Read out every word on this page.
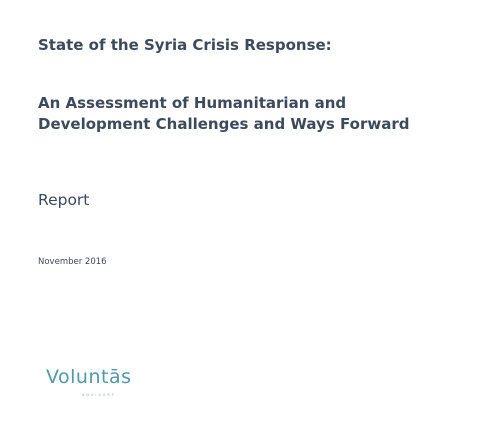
State of the Syria Crisis Response:
An Assessment of Humanitarian and Development Challenges and Ways Forward
Report
November 2016
Voluntās
ADVISORY
